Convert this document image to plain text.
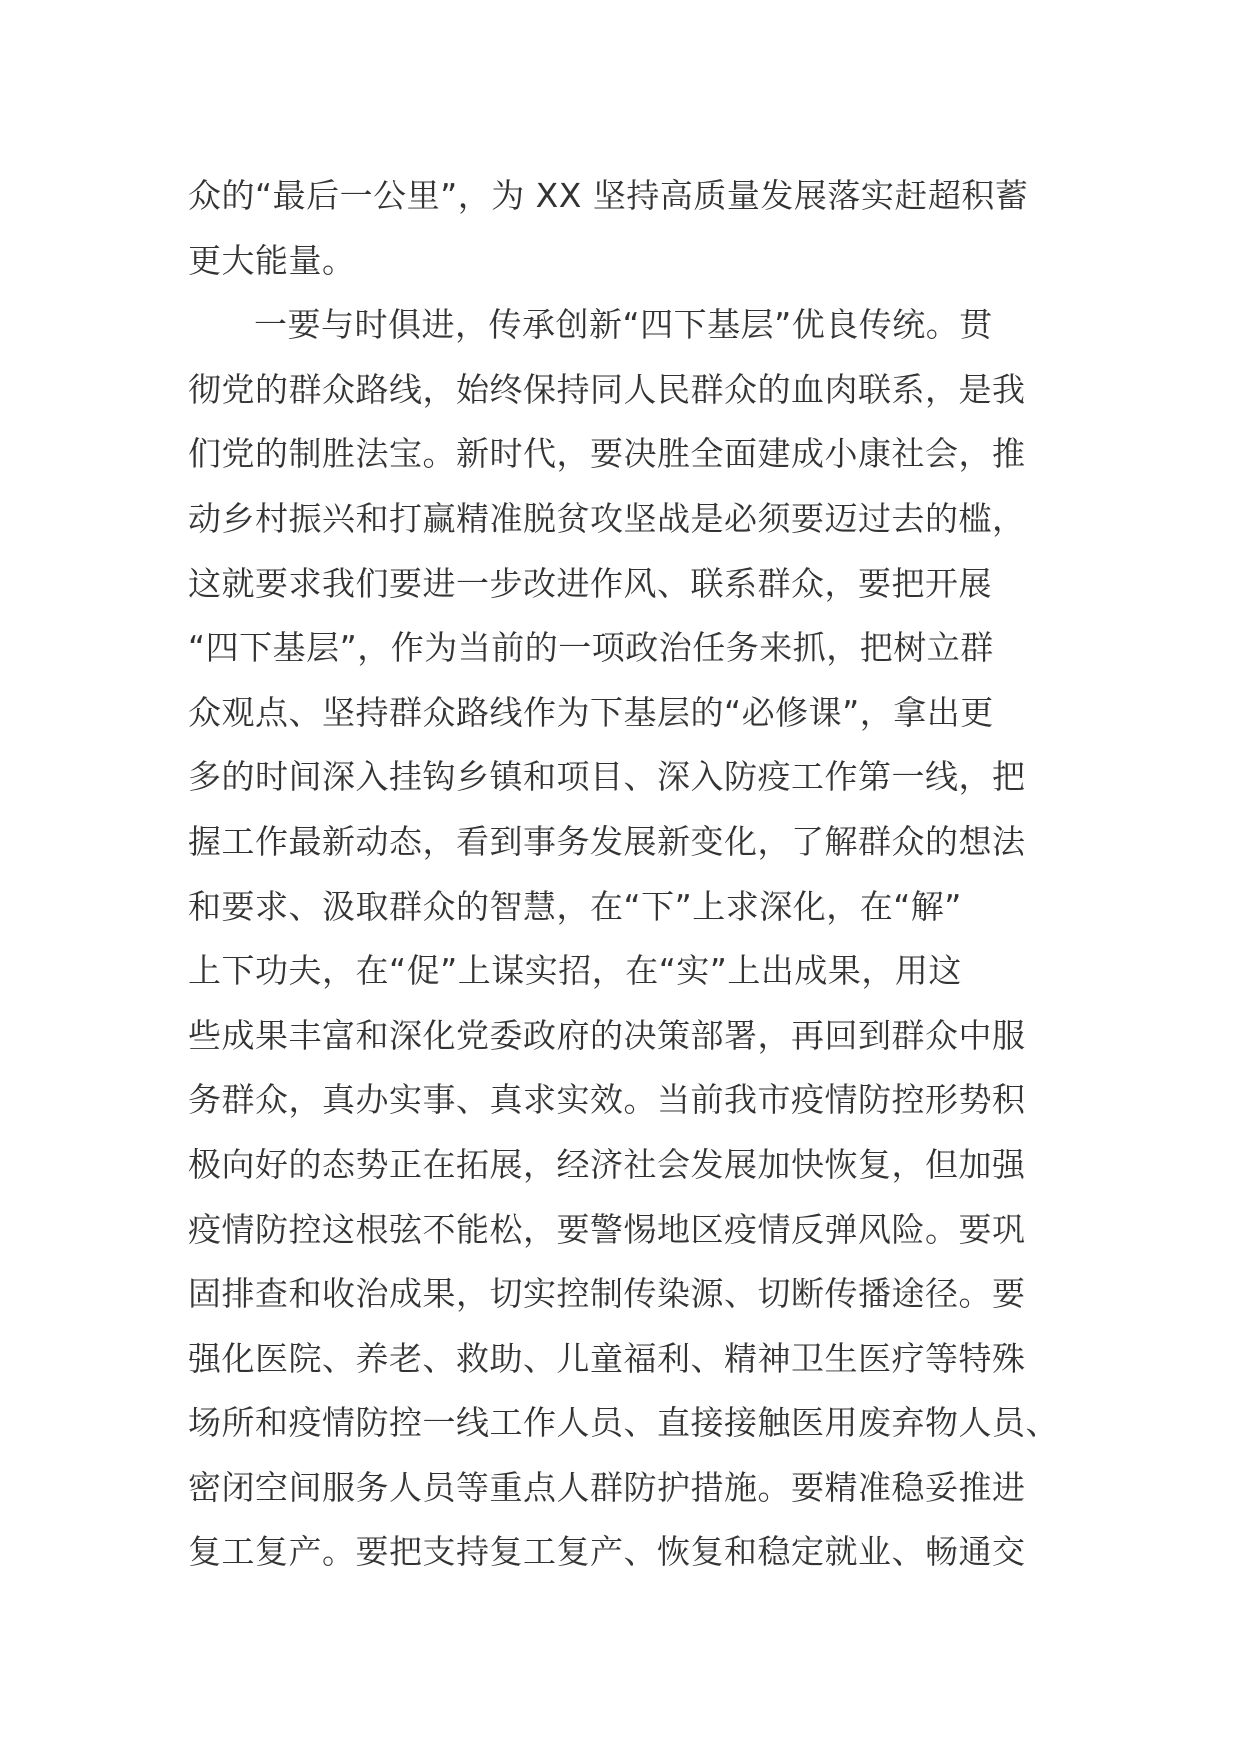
众的“最后一公里”，为 XX 坚持高质量发展落实赶超积蓄
更大能量。
一要与时俱进，传承创新“四下基层”优良传统。贯
彻党的群众路线，始终保持同人民群众的血肉联系，是我
们党的制胜法宝。新时代，要决胜全面建成小康社会，推
动乡村振兴和打赢精准脱贫攻坚战是必须要迈过去的槛，
这就要求我们要进一步改进作风、联系群众，要把开展
“四下基层”，作为当前的一项政治任务来抓，把树立群
众观点、坚持群众路线作为下基层的“必修课”，拿出更
多的时间深入挂钩乡镇和项目、深入防疫工作第一线，把
握工作最新动态，看到事务发展新变化，了解群众的想法
和要求、汲取群众的智慧，在“下”上求深化，在“解”
上下功夫，在“促”上谋实招，在“实”上出成果，用这
些成果丰富和深化党委政府的决策部署，再回到群众中服
务群众，真办实事、真求实效。当前我市疫情防控形势积
极向好的态势正在拓展，经济社会发展加快恢复，但加强
疫情防控这根弦不能松，要警惕地区疫情反弹风险。要巩
固排查和收治成果，切实控制传染源、切断传播途径。要
强化医院、养老、救助、儿童福利、精神卫生医疗等特殊
场所和疫情防控一线工作人员、直接接触医用废弃物人员、
密闭空间服务人员等重点人群防护措施。要精准稳妥推进
复工复产。要把支持复工复产、恢复和稳定就业、畅通交
